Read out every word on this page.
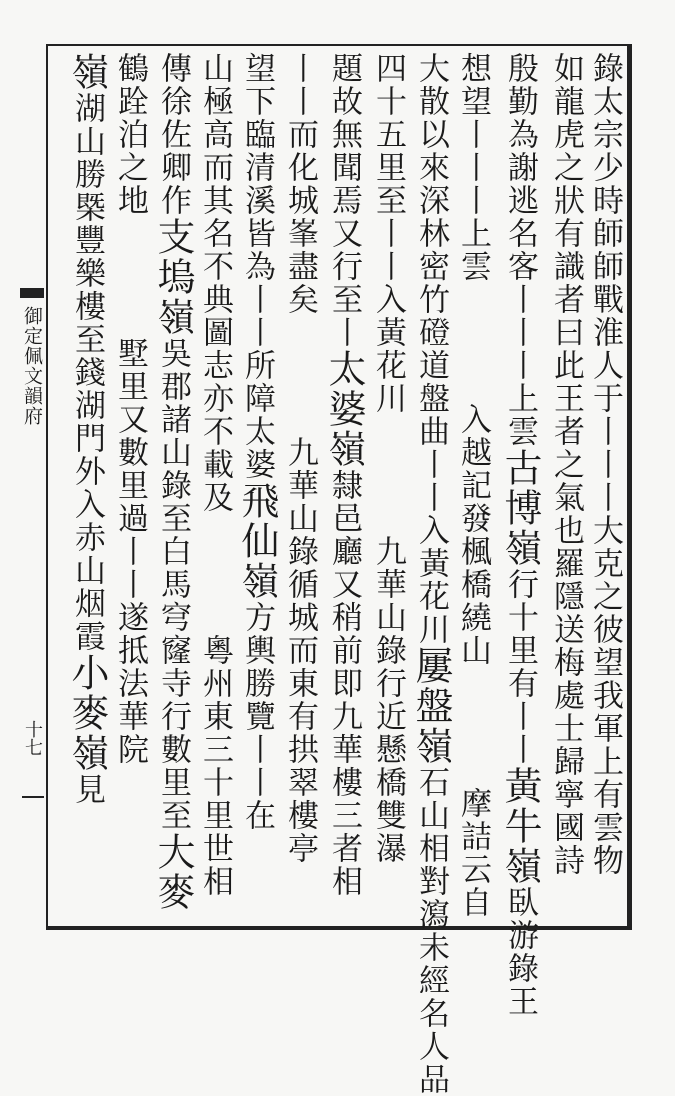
御定佩文韻府
十七	錄太宗少時師師戰淮人于丨丨丨大克之彼望我軍上有雲物
如龍虎之狀有識者曰此王者之氣也羅隱送梅處士歸寧國詩
殷勤為謝逃名客丨丨丨上雲古博嶺行十里有丨丨黃牛嶺臥游錄王
想望丨丨丨上雲　　　入越記發楓橋繞山　　　摩詰云自
大散以來深林密竹磴道盤曲丨丨入黃花川屢盤嶺石山相對瀉未經名人品
四十五里至丨丨入黃花川　　　九華山錄行近懸橋雙瀑
題故無聞焉又行至丨太婆嶺隸邑廳又稍前即九華樓三者相
丨丨而化城峯盡矣　　　九華山錄循城而東有拱翠樓亭
望下臨清溪皆為丨丨所障太婆飛仙嶺方輿勝覽丨丨在
山極高而其名不典圖志亦不載及　　　粵州東三十里世相
傳徐佐卿作支塢嶺吳郡諸山錄至白馬穹窿寺行數里至大麥
鶴跧泊之地　　　墅里又數里過丨丨遂抵法華院
嶺湖山勝槩豐樂樓至錢湖門外入赤山烟霞小麥嶺見
